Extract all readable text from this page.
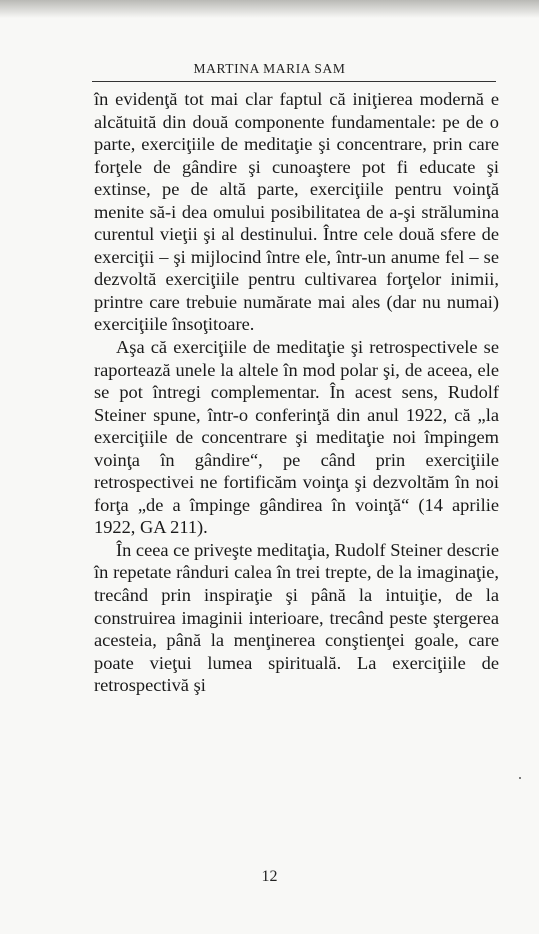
MARTINA MARIA SAM

în evidenţă tot mai clar faptul că iniţierea modernă e alcătuită din două componente fundamentale: pe de o parte, exerciţiile de meditaţie şi concentrare, prin care forţele de gândire şi cunoaştere pot fi educate şi extinse, pe de altă parte, exerciţiile pentru voinţă menite să-i dea omului posibilitatea de a-şi strălumina curentul vieţii şi al destinului. Între cele două sfere de exerciţii – şi mijlocind între ele, într-un anume fel – se dezvoltă exerciţiile pentru cultivarea forţelor inimii, printre care trebuie numărate mai ales (dar nu numai) exerciţiile însoţitoare.

Aşa că exerciţiile de meditaţie şi retrospectivele se raportează unele la altele în mod polar şi, de aceea, ele se pot întregi complementar. În acest sens, Rudolf Steiner spune, într-o conferinţă din anul 1922, că „la exerciţiile de concentrare şi meditaţie noi împingem voinţa în gândire“, pe când prin exerciţiile retrospectivei ne fortificăm voinţa şi dezvoltăm în noi forţa „de a împinge gândirea în voinţă“ (14 aprilie 1922, GA 211).

În ceea ce priveşte meditaţia, Rudolf Steiner descrie în repetate rânduri calea în trei trepte, de la imaginaţie, trecând prin inspiraţie şi până la intuiţie, de la construirea imaginii interioare, trecând peste ştergerea acesteia, până la menţinerea conştienţei goale, care poate vieţui lumea spirituală. La exerciţiile de retrospectivă şi

12
